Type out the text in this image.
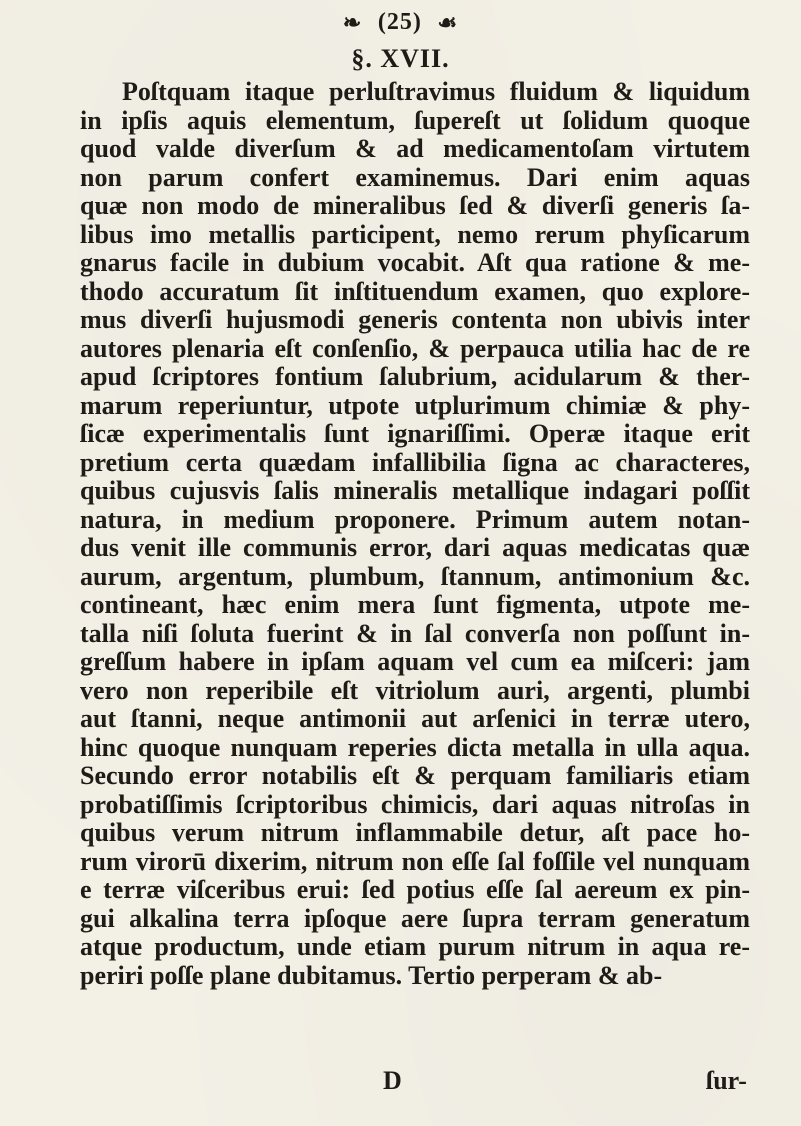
❧ (25) ☙
§. XVII.
Poſtquam itaque perluſtravimus fluidum & liquidum
in ipſis aquis elementum, ſupereſt ut ſolidum quoque
quod valde diverſum & ad medicamentoſam virtutem
non parum confert examinemus. Dari enim aquas
quæ non modo de mineralibus ſed & diverſi generis ſa-
libus imo metallis participent, nemo rerum phyſicarum
gnarus facile in dubium vocabit. Aſt qua ratione & me-
thodo accuratum ſit inſtituendum examen, quo explore-
mus diverſi hujusmodi generis contenta non ubivis inter
autores plenaria eſt conſenſio, & perpauca utilia hac de re
apud ſcriptores fontium ſalubrium, acidularum & ther-
marum reperiuntur, utpote utplurimum chimiæ & phy-
ſicæ experimentalis ſunt ignariſſimi. Operæ itaque erit
pretium certa quædam infallibilia ſigna ac characteres,
quibus cujusvis ſalis mineralis metallique indagari poſſit
natura, in medium proponere. Primum autem notan-
dus venit ille communis error, dari aquas medicatas quæ
aurum, argentum, plumbum, ſtannum, antimonium &c.
contineant, hæc enim mera ſunt figmenta, utpote me-
talla niſi ſoluta fuerint & in ſal converſa non poſſunt in-
greſſum habere in ipſam aquam vel cum ea miſceri: jam
vero non reperibile eſt vitriolum auri, argenti, plumbi
aut ſtanni, neque antimonii aut arſenici in terræ utero,
hinc quoque nunquam reperies dicta metalla in ulla aqua.
Secundo error notabilis eſt & perquam familiaris etiam
probatiſſimis ſcriptoribus chimicis, dari aquas nitroſas in
quibus verum nitrum inflammabile detur, aſt pace ho-
rum virorū dixerim, nitrum non eſſe ſal foſſile vel nunquam
e terræ viſceribus erui: ſed potius eſſe ſal aereum ex pin-
gui alkalina terra ipſoque aere ſupra terram generatum
atque productum, unde etiam purum nitrum in aqua re-
periri poſſe plane dubitamus. Tertio perperam & ab-
D	ſur-
